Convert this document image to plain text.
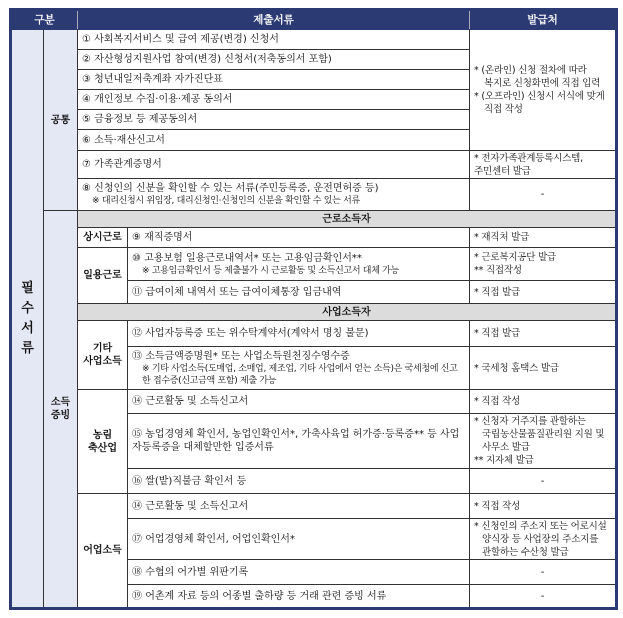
구분		제출서류		발급처
필수서류	공통	① 사회복지서비스 및 급여 제공(변경) 신청서		* (온라인) 신청 절차에 따라
복지로 신청화면에 직접 입력
* (오프라인) 신청시 서식에 맞게
직접 작성

		② 자산형성지원사업 참여(변경) 신청서(저축동의서 포함)		
		③ 청년내일저축계좌 자가진단표		
		④ 개인정보 수집·이용·제공 동의서		
		⑤ 금융정보 등 제공동의서		
		⑥ 소득·재산신고서		
		⑦ 가족관계증명서		* 전자가족관계등록시스템,
주민센터 발급

		⑧ 신청인의 신분을 확인할 수 있는 서류(주민등록증, 운전면허증 등)
※ 대리신청시 위임장, 대리신청인·신청인의 신분을 확인할 수 있는 서류		-
	소득증빙	근로소득자		
		상시근로	⑨ 재직증명서	* 재직처 발급
		일용근로	⑩ 고용보험 일용근로내역서* 또는 고용임금확인서**
※ 고용임금확인서 등 제출불가 시 근로활동 및 소득신고서 대체 가능	* 근로복지공단 발급
** 직접작성

			⑪ 급여이체 내역서 또는 급여이체통장 입금내역	* 직접 발급
		사업소득자		

		기타
사업소득	⑫ 사업자등록증 또는 위수탁계약서(계약서 명칭 불문)	* 직접 발급

			⑬ 소득금액증명원* 또는 사업소득원천징수영수증
※ 기타 사업소득(도매업, 소매업, 제조업, 기타 사업에서 얻는 소득)은 국세청에 신고한 접수증(신고금액 포함) 제출 가능	* 국세청 홈택스 발급

		농림
축산업	⑭ 근로활동 및 소득신고서	* 직접 작성
			⑮ 농업경영체 확인서, 농업인확인서*, 가축사육업 허가증·등록증** 등 사업자등록증을 대체할만한 입증서류	* 신청자 거주지를 관할하는
국립농산물품질관리원 지원 및 사무소 발급
** 지자체 발급

			⑯ 쌀(밭)직불금 확인서 등	-
		어업소득	⑭ 근로활동 및 소득신고서	* 직접 작성
			⑰ 어업경영체 확인서, 어업인확인서*	* 신청인의 주소지 또는 어로시설
양식장 등 사업장의 주소지를
관할하는 수산청 발급

			⑱ 수협의 어가별 위판기록	-
			⑲ 어촌계 자료 등의 어종별 출하량 등 거래 관련 증빙 서류	-
